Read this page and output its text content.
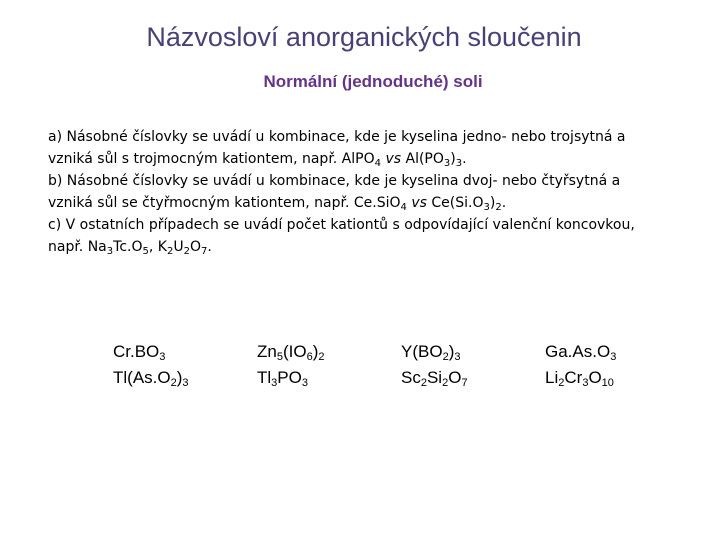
Názvosloví anorganických sloučenin
Normální (jednoduché) soli
a) Násobné číslovky se uvádí u kombinace, kde je kyselina jedno- nebo trojsytná a
vzniká sůl s trojmocným kationtem, např. AlPO$_4$ vs $Al(PO_3)_3$.
b) Násobné číslovky se uvádí u kombinace, kde je kyselina dvoj- nebo čtyřsytná a
vzniká sůl se čtyřmocným kationtem, např. Ce.SiO$_4$ vs $Ce(Si.O_3)_2$.
c) V ostatních případech se uvádí počet kationtů s odpovídající valenční koncovkou,
např. $Na_3Tc.O_5$, $K_2U_2O_7$.
$Cr.BO_3$
$Tl(As.O_2)_3$
$Zn_5(IO_6)_2$
$Tl_3PO_3$
$Y(BO_2)_3$
$Sc_2Si_2O_7$
$Ga.As.O_3$
$Li_2Cr_3O_{10}$
